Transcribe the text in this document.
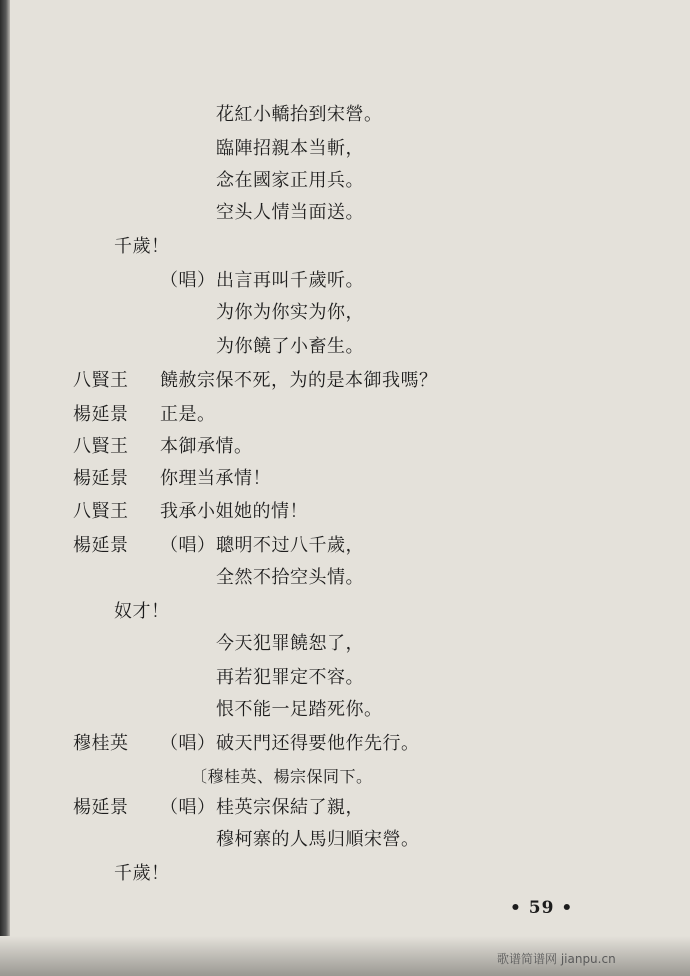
花紅小轎抬到宋營。
臨陣招親本当斬，
念在國家正用兵。
空头人情当面送。
千歲！
（唱） 出言再叫千歲听。
为你为你实为你，
为你饒了小畜生。
八賢王 饒赦宗保不死，为的是本御我嗎？
楊延景 正是。
八賢王 本御承情。
楊延景 你理当承情！
八賢王 我承小姐她的情！
楊延景 （唱） 聰明不过八千歲，
全然不拾空头情。
奴才！
今天犯罪饒恕了，
再若犯罪定不容。
恨不能一足踏死你。
穆桂英 （唱） 破天門还得要他作先行。
〔穆桂英、楊宗保同下。
楊延景 （唱） 桂英宗保結了親，
穆柯寨的人馬归順宋營。
千歲！
• 59 •
歌谱简谱网 jianpu.cn
